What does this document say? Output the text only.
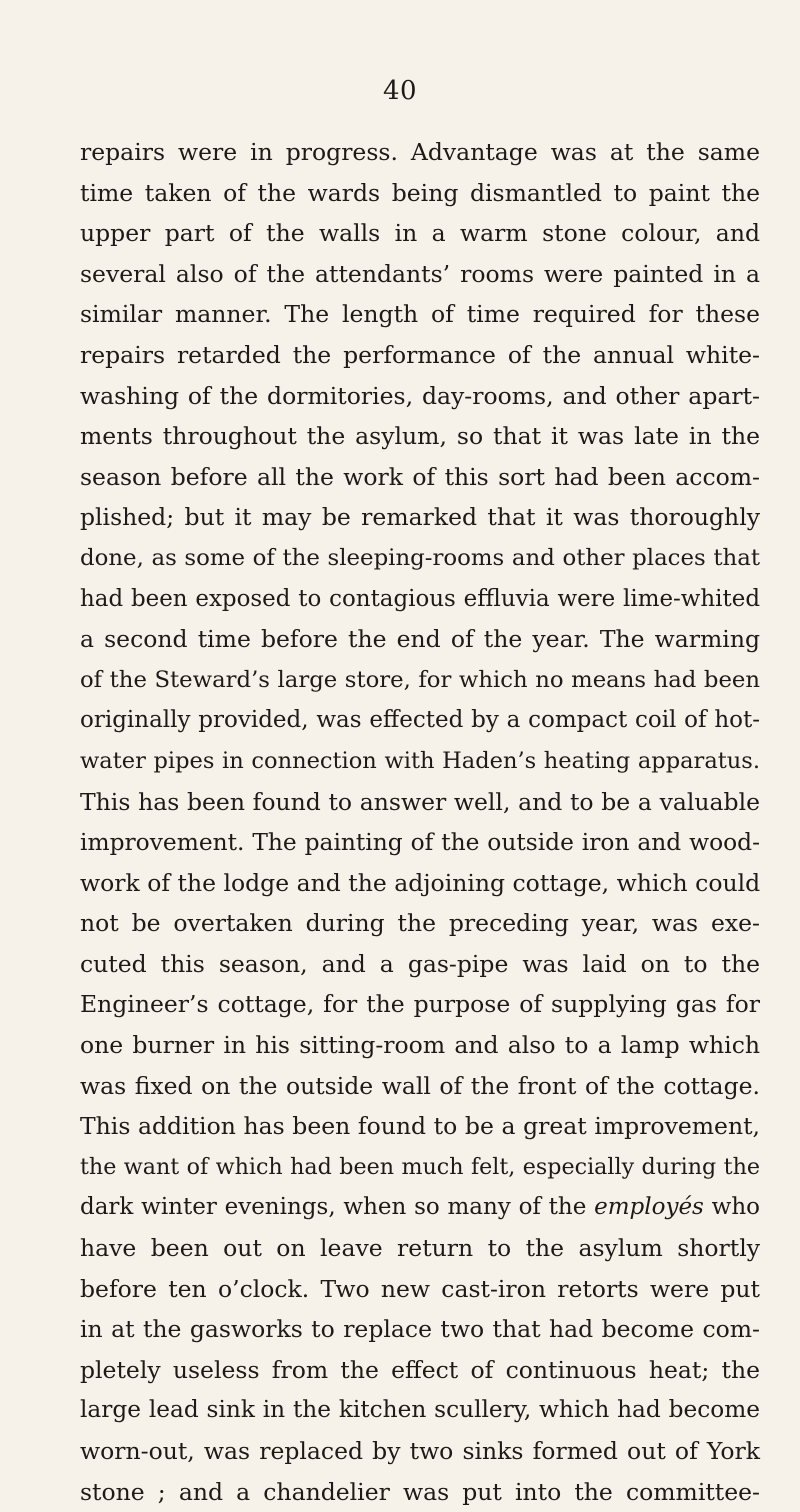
40
repairs were in progress. Advantage was at the same
time taken of the wards being dismantled to paint the
upper part of the walls in a warm stone colour, and
several also of the attendants’ rooms were painted in a
similar manner. The length of time required for these
repairs retarded the performance of the annual white-
washing of the dormitories, day-rooms, and other apart-
ments throughout the asylum, so that it was late in the
season before all the work of this sort had been accom-
plished; but it may be remarked that it was thoroughly
done, as some of the sleeping-rooms and other places that
had been exposed to contagious effluvia were lime-whited
a second time before the end of the year. The warming
of the Steward’s large store, for which no means had been
originally provided, was effected by a compact coil of hot-
water pipes in connection with Haden’s heating apparatus.
This has been found to answer well, and to be a valuable
improvement. The painting of the outside iron and wood-
work of the lodge and the adjoining cottage, which could
not be overtaken during the preceding year, was exe-
cuted this season, and a gas-pipe was laid on to the
Engineer’s cottage, for the purpose of supplying gas for
one burner in his sitting-room and also to a lamp which
was fixed on the outside wall of the front of the cottage.
This addition has been found to be a great improvement,
the want of which had been much felt, especially during the
dark winter evenings, when so many of the employés who
have been out on leave return to the asylum shortly
before ten o’clock. Two new cast-iron retorts were put
in at the gasworks to replace two that had become com-
pletely useless from the effect of continuous heat; the
large lead sink in the kitchen scullery, which had become
worn-out, was replaced by two sinks formed out of York
stone ; and a chandelier was put into the committee-
